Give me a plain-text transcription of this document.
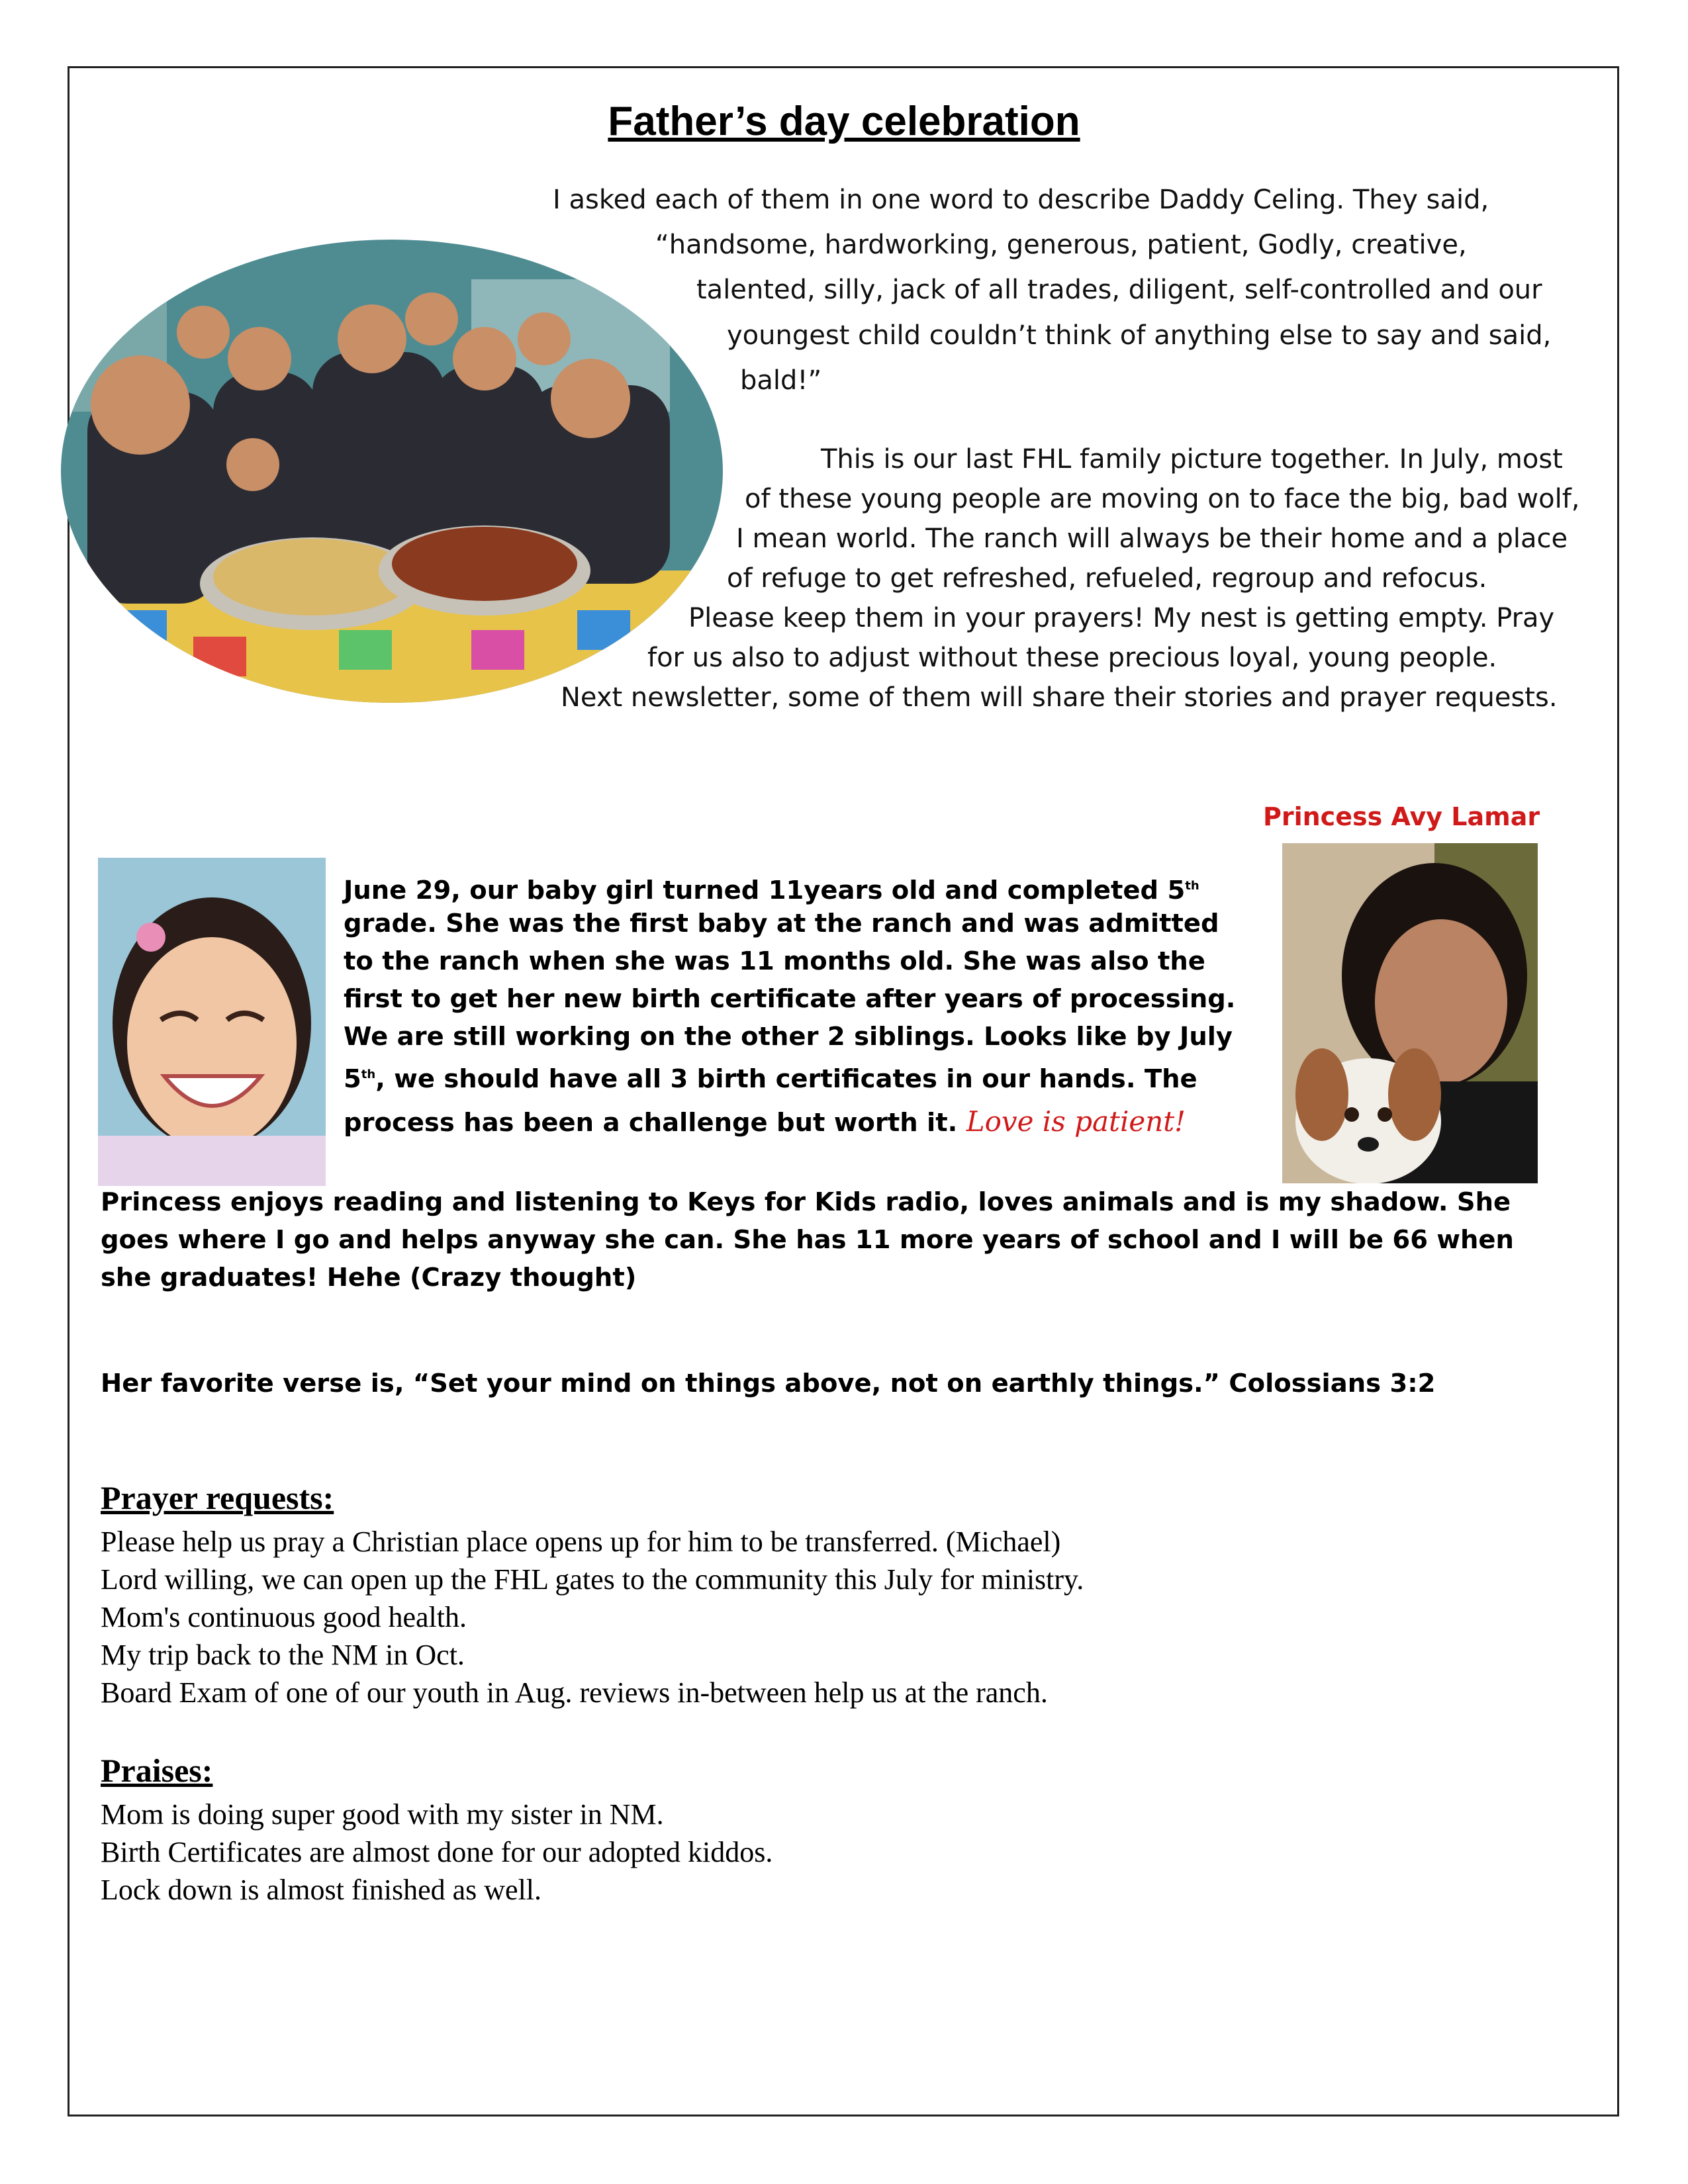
Father’s day celebration
I asked each of them in one word to describe Daddy Celing. They said,
“handsome, hardworking, generous, patient, Godly, creative,
talented, silly, jack of all trades, diligent, self-controlled and our
youngest child couldn’t think of anything else to say and said,
bald!”
This is our last FHL family picture together. In July, most
of these young people are moving on to face the big, bad wolf,
I mean world. The ranch will always be their home and a place
of refuge to get refreshed, refueled, regroup and refocus.
Please keep them in your prayers! My nest is getting empty. Pray
for us also to adjust without these precious loyal, young people.
Next newsletter, some of them will share their stories and prayer requests.
Princess Avy Lamar
June 29, our baby girl turned 11years old and completed 5th
grade. She was the first baby at the ranch and was admitted
to the ranch when she was 11 months old. She was also the
first to get her new birth certificate after years of processing.
We are still working on the other 2 siblings. Looks like by July
5th, we should have all 3 birth certificates in our hands. The
process has been a challenge but worth it. Love is patient!
Princess enjoys reading and listening to Keys for Kids radio, loves animals and is my shadow. She
goes where I go and helps anyway she can. She has 11 more years of school and I will be 66 when
she graduates! Hehe (Crazy thought)
Her favorite verse is, “Set your mind on things above, not on earthly things.” Colossians 3:2
Prayer requests:
Please help us pray a Christian place opens up for him to be transferred. (Michael)
Lord willing, we can open up the FHL gates to the community this July for ministry.
Mom's continuous good health.
My trip back to the NM in Oct.
Board Exam of one of our youth in Aug. reviews in-between help us at the ranch.
Praises:
Mom is doing super good with my sister in NM.
Birth Certificates are almost done for our adopted kiddos.
Lock down is almost finished as well.
